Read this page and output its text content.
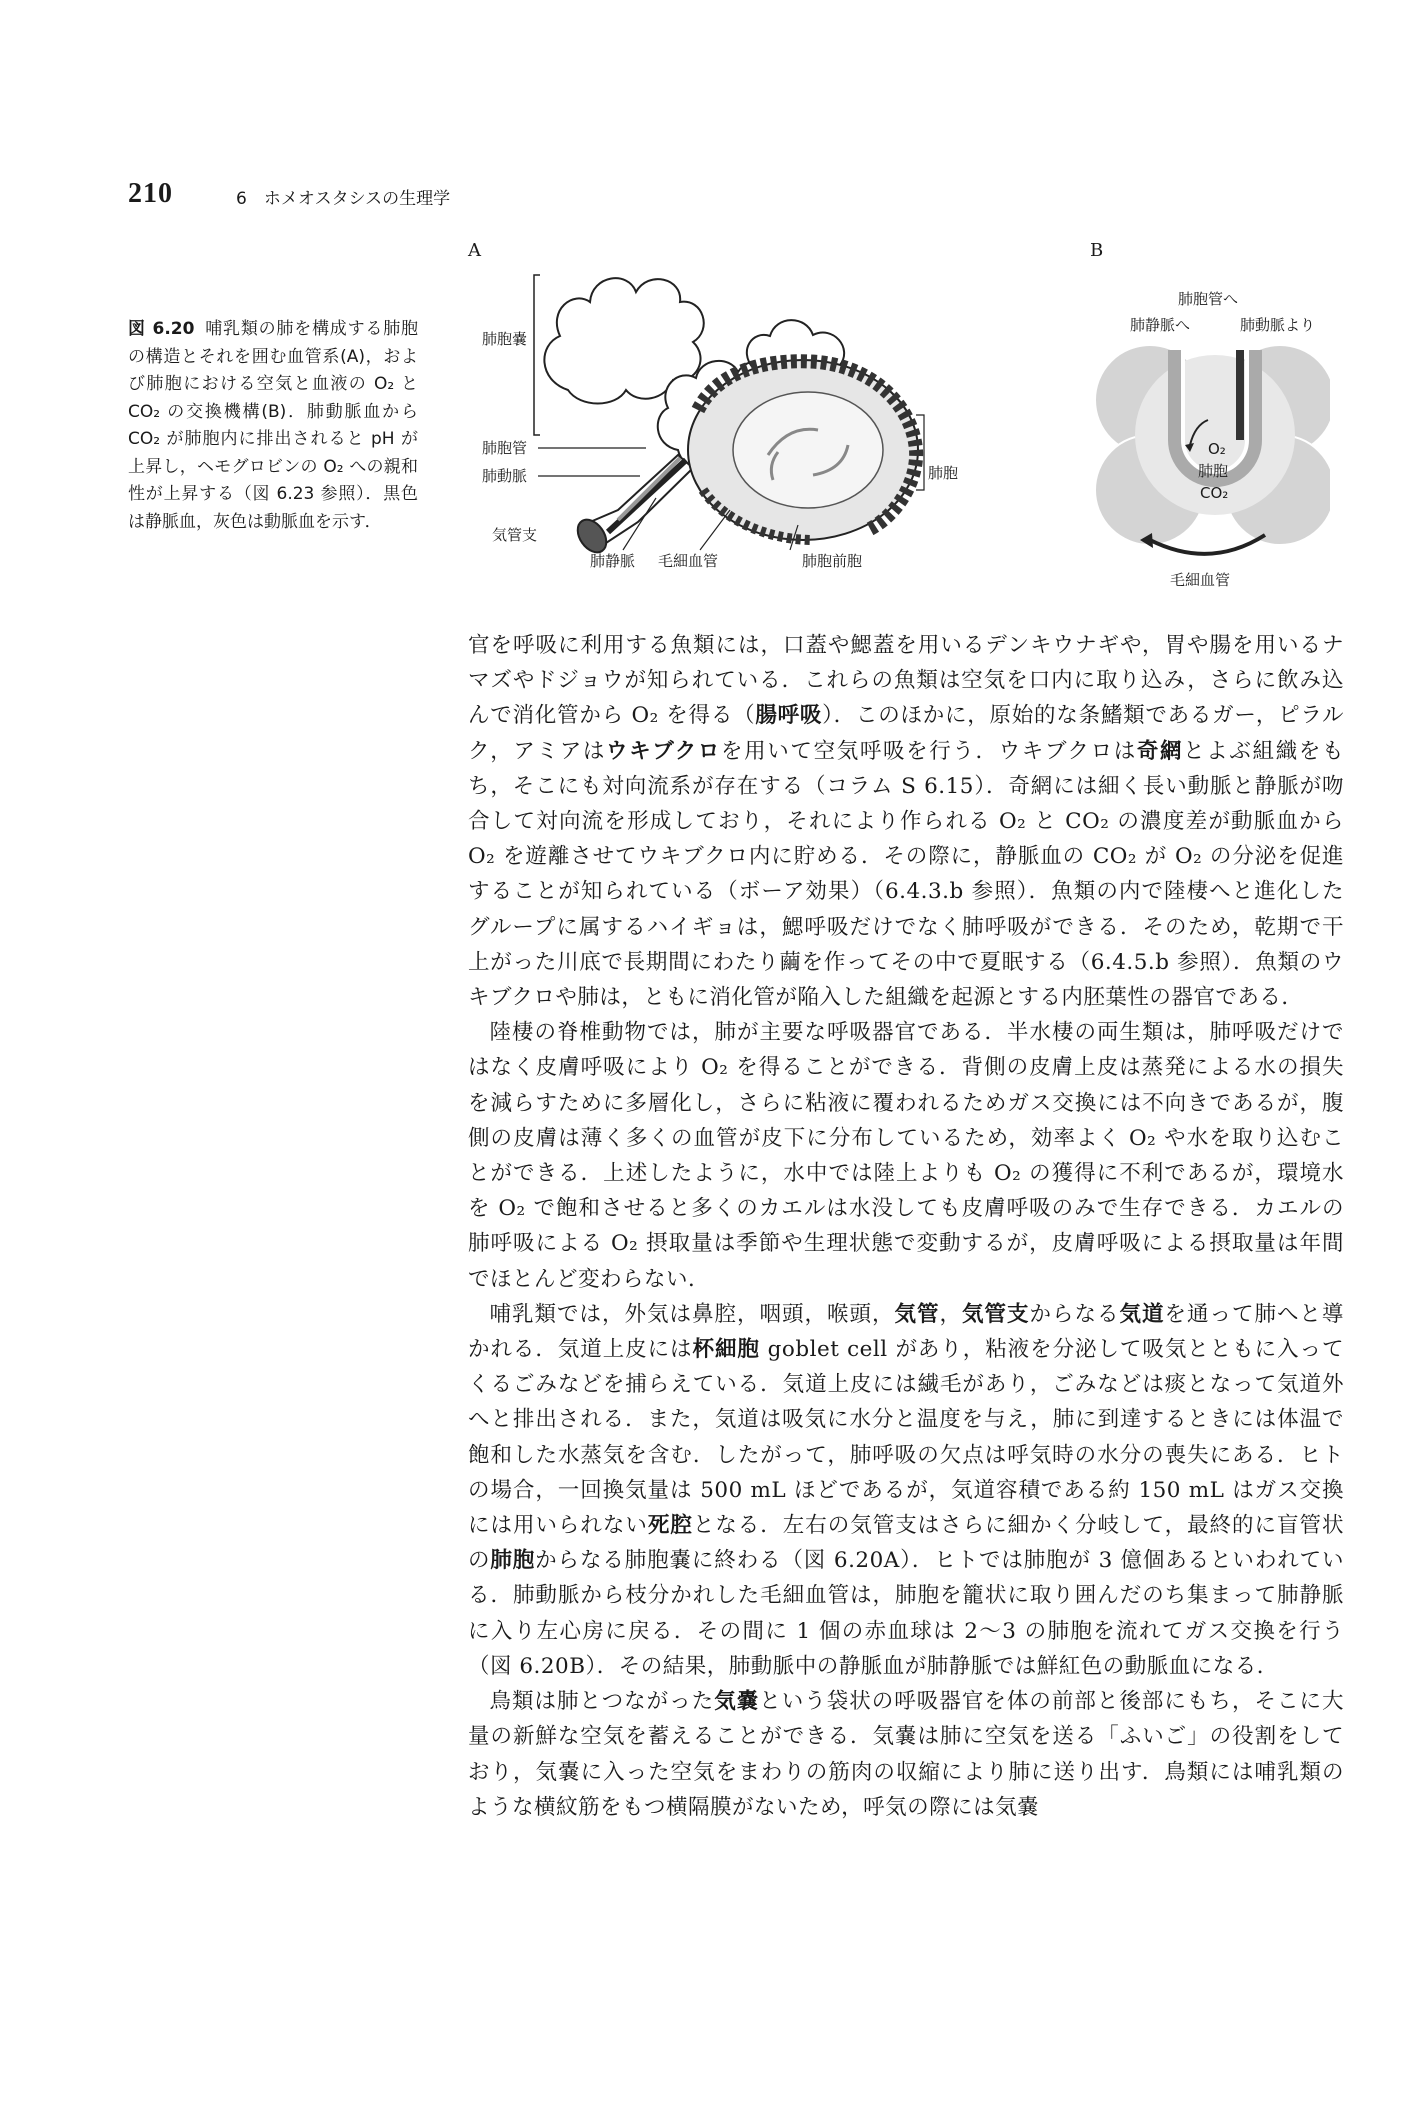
210	6　ホメオスタシスの生理学
図 6.20 哺乳類の肺を構成する肺胞の構造とそれを囲む血管系(A)，および肺胞における空気と血液の O₂ と CO₂ の交換機構(B)．肺動脈血から CO₂ が肺胞内に排出されると pH が上昇し，ヘモグロビンの O₂ への親和性が上昇する（図 6.23 参照）．黒色は静脈血，灰色は動脈血を示す．
A
肺胞嚢
肺胞管
肺動脈
気管支
肺静脈 毛細血管
肺胞
肺胞前胞
B
肺胞管へ
肺静脈へ	肺動脈より
O₂
肺胞
CO₂
毛細血管

官を呼吸に利用する魚類には，口蓋や鰓蓋を用いるデンキウナギや，胃や腸を用いるナマズやドジョウが知られている．これらの魚類は空気を口内に取り込み，さらに飲み込んで消化管から O₂ を得る（腸呼吸）．このほかに，原始的な条鰭類であるガー，ピラルク，アミアはウキブクロを用いて空気呼吸を行う．ウキブクロは奇網とよぶ組織をもち，そこにも対向流系が存在する（コラム S 6.15）．奇網には細く長い動脈と静脈が吻合して対向流を形成しており，それにより作られる O₂ と CO₂ の濃度差が動脈血から O₂ を遊離させてウキブクロ内に貯める．その際に，静脈血の CO₂ が O₂ の分泌を促進することが知られている（ボーア効果）（6.4.3.b 参照）．魚類の内で陸棲へと進化したグループに属するハイギョは，鰓呼吸だけでなく肺呼吸ができる．そのため，乾期で干上がった川底で長期間にわたり繭を作ってその中で夏眠する（6.4.5.b 参照）．魚類のウキブクロや肺は，ともに消化管が陥入した組織を起源とする内胚葉性の器官である．

陸棲の脊椎動物では，肺が主要な呼吸器官である．半水棲の両生類は，肺呼吸だけではなく皮膚呼吸により O₂ を得ることができる．背側の皮膚上皮は蒸発による水の損失を減らすために多層化し，さらに粘液に覆われるためガス交換には不向きであるが，腹側の皮膚は薄く多くの血管が皮下に分布しているため，効率よく O₂ や水を取り込むことができる．上述したように，水中では陸上よりも O₂ の獲得に不利であるが，環境水を O₂ で飽和させると多くのカエルは水没しても皮膚呼吸のみで生存できる．カエルの肺呼吸による O₂ 摂取量は季節や生理状態で変動するが，皮膚呼吸による摂取量は年間でほとんど変わらない．

哺乳類では，外気は鼻腔，咽頭，喉頭，気管，気管支からなる気道を通って肺へと導かれる．気道上皮には杯細胞 goblet cell があり，粘液を分泌して吸気とともに入ってくるごみなどを捕らえている．気道上皮には繊毛があり，ごみなどは痰となって気道外へと排出される．また，気道は吸気に水分と温度を与え，肺に到達するときには体温で飽和した水蒸気を含む．したがって，肺呼吸の欠点は呼気時の水分の喪失にある．ヒトの場合，一回換気量は 500 mL ほどであるが，気道容積である約 150 mL はガス交換には用いられない死腔となる．左右の気管支はさらに細かく分岐して，最終的に盲管状の肺胞からなる肺胞嚢に終わる（図 6.20A）．ヒトでは肺胞が 3 億個あるといわれている．肺動脈から枝分かれした毛細血管は，肺胞を籠状に取り囲んだのち集まって肺静脈に入り左心房に戻る．その間に 1 個の赤血球は 2〜3 の肺胞を流れてガス交換を行う（図 6.20B）．その結果，肺動脈中の静脈血が肺静脈では鮮紅色の動脈血になる．

鳥類は肺とつながった気嚢という袋状の呼吸器官を体の前部と後部にもち，そこに大量の新鮮な空気を蓄えることができる．気嚢は肺に空気を送る「ふいご」の役割をしており，気嚢に入った空気をまわりの筋肉の収縮により肺に送り出す．鳥類には哺乳類のような横紋筋をもつ横隔膜がないため，呼気の際には気嚢
